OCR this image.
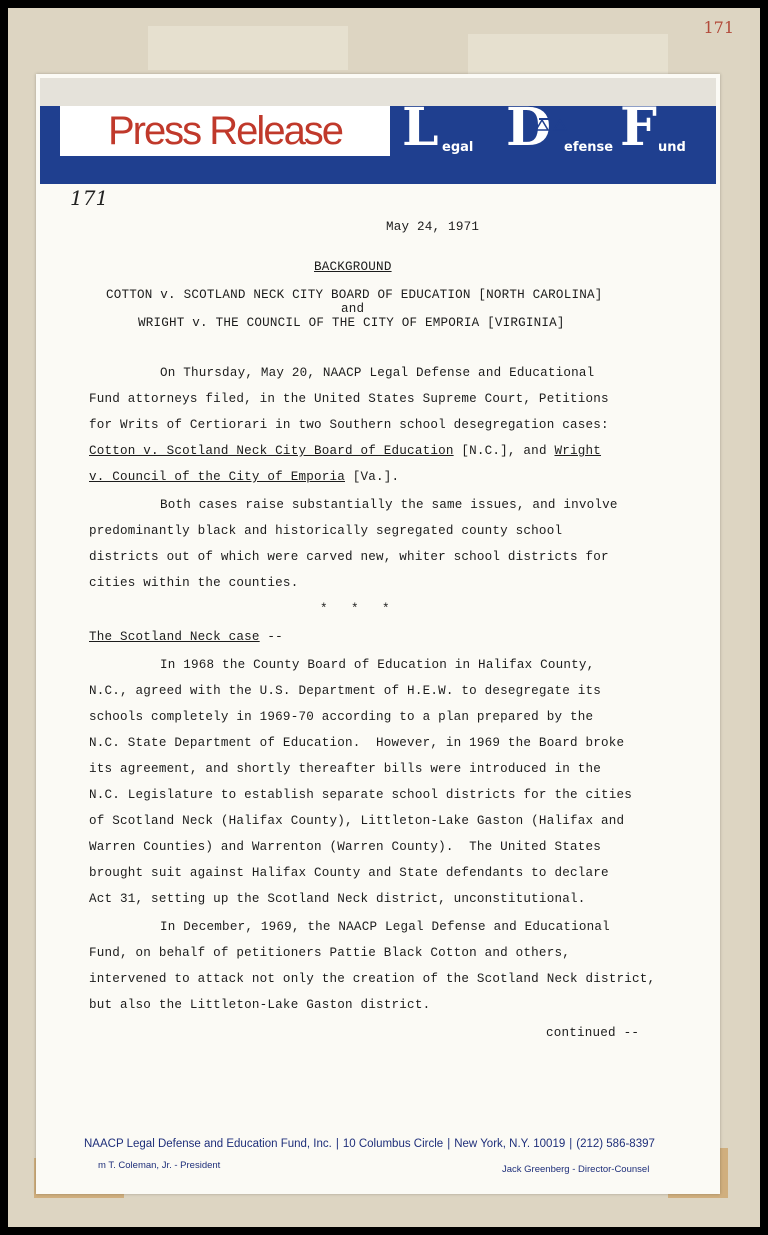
171
Press Release L egal D efense F und
171
May 24, 1971
BACKGROUND
COTTON v. SCOTLAND NECK CITY BOARD OF EDUCATION [NORTH CAROLINA]
and
WRIGHT v. THE COUNCIL OF THE CITY OF EMPORIA [VIRGINIA]
On Thursday, May 20, NAACP Legal Defense and Educational
Fund attorneys filed, in the United States Supreme Court, Petitions
for Writs of Certiorari in two Southern school desegregation cases:
Cotton v. Scotland Neck City Board of Education [N.C.], and Wright
v. Council of the City of Emporia [Va.].
Both cases raise substantially the same issues, and involve
predominantly black and historically segregated county school
districts out of which were carved new, whiter school districts for
cities within the counties.
*   *   *
The Scotland Neck case --
In 1968 the County Board of Education in Halifax County,
N.C., agreed with the U.S. Department of H.E.W. to desegregate its
schools completely in 1969-70 according to a plan prepared by the
N.C. State Department of Education.  However, in 1969 the Board broke
its agreement, and shortly thereafter bills were introduced in the
N.C. Legislature to establish separate school districts for the cities
of Scotland Neck (Halifax County), Littleton-Lake Gaston (Halifax and
Warren Counties) and Warrenton (Warren County).  The United States
brought suit against Halifax County and State defendants to declare
Act 31, setting up the Scotland Neck district, unconstitutional.
In December, 1969, the NAACP Legal Defense and Educational
Fund, on behalf of petitioners Pattie Black Cotton and others,
intervened to attack not only the creation of the Scotland Neck district,
but also the Littleton-Lake Gaston district.
continued --
NAACP Legal Defense and Education Fund, Inc. | 10 Columbus Circle | New York, N.Y. 10019 | (212) 586-8397
m T. Coleman, Jr. - President	Jack Greenberg - Director-Counsel
